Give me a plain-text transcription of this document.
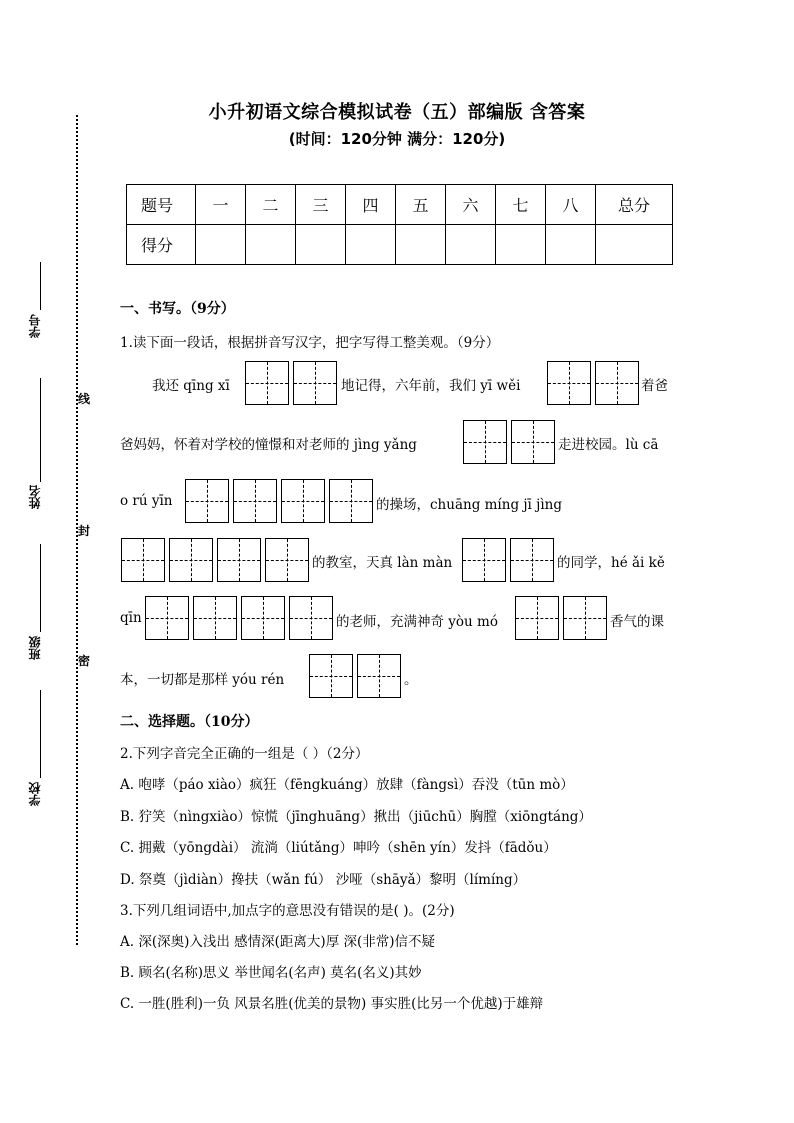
学号
姓名
班级
学校
线
封
密
小升初语文综合模拟试卷（五）部编版 含答案
(时间：120分钟 满分：120分)
题号	一	二	三	四	五	六	七	八	总分
得分									
一、书写。（9分）
1.读下面一段话，根据拼音写汉字，把字写得工整美观。（9分）
我还 qīng xī	地记得，六年前，我们 yī wěi	着爸
爸妈妈，怀着对学校的憧憬和对老师的 jìng yǎng	走进校园。lù cā
o rú yīn	的操场，chuāng míng jī jìng
的教室，天真 làn màn	的同学，hé ǎi kě
qīn	的老师，充满神奇 yòu mó	香气的课
本，一切都是那样 yóu rén	。
二、选择题。（10分）
2.下列字音完全正确的一组是（ ）（2分）
A. 咆哮（páo xiào）疯狂（fēngkuáng）放肆（fàngsì）吞没（tūn mò）
B. 狞笑（nìngxiào）惊慌（jīnghuāng）揪出（jiūchū）胸膛（xiōngtáng）
C. 拥戴（yōngdài） 流淌（liútǎng）呻吟（shēn yín）发抖（fādǒu）
D. 祭奠（jìdiàn）搀扶（wǎn fú） 沙哑（shāyǎ）黎明（límíng）
3.下列几组词语中,加点字的意思没有错误的是( )。(2分)
A. 深(深奥)入浅出 感情深(距离大)厚 深(非常)信不疑
B. 顾名(名称)思义 举世闻名(名声) 莫名(名义)其妙
C. 一胜(胜利)一负 风景名胜(优美的景物) 事实胜(比另一个优越)于雄辩
